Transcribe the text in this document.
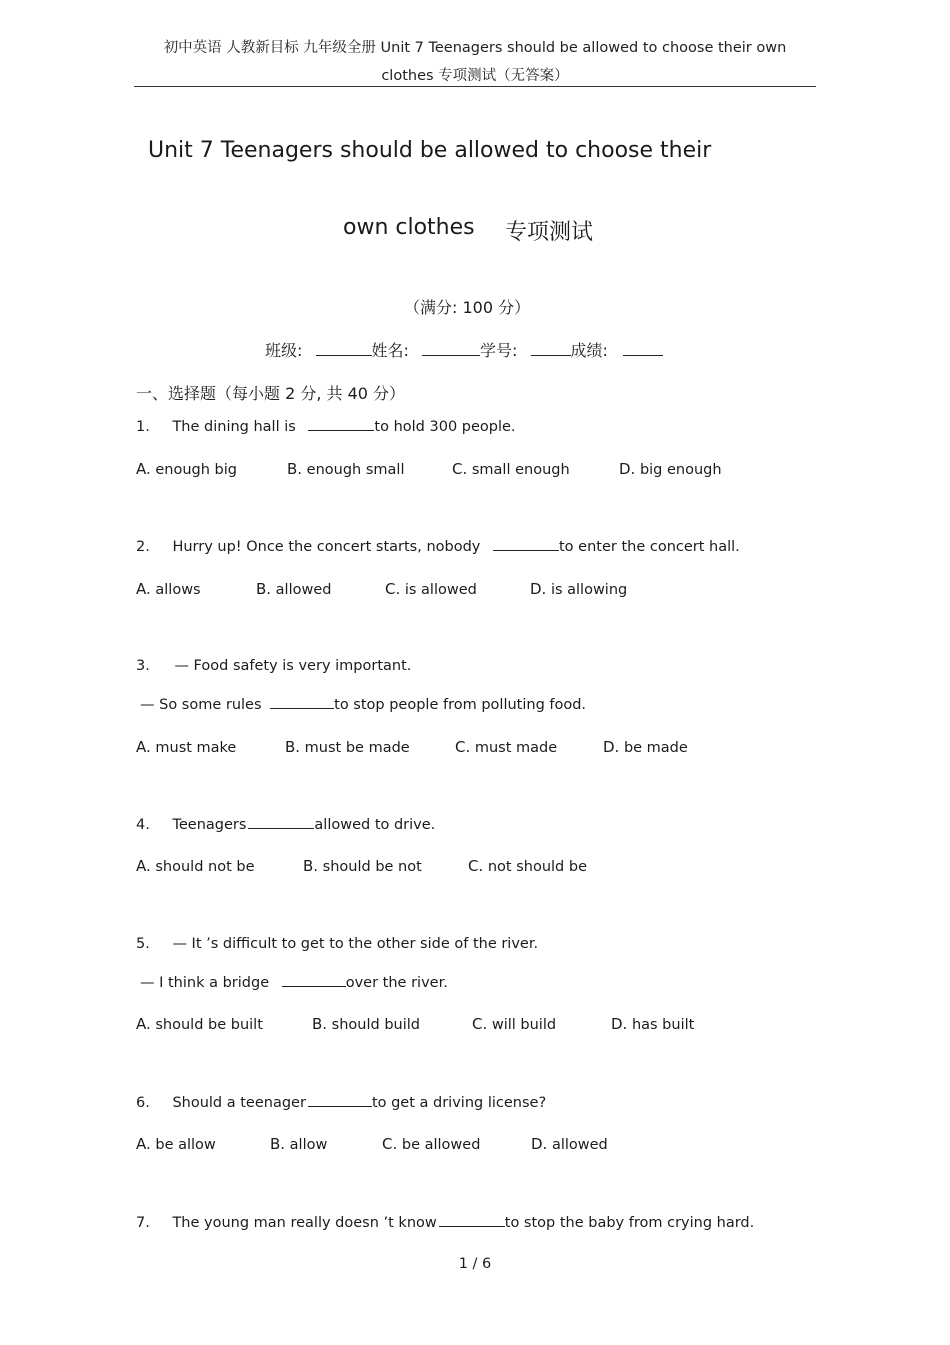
初中英语 人教新目标 九年级全册 Unit 7 Teenagers should be allowed to choose their own
clothes 专项测试（无答案）
Unit 7 Teenagers should be allowed to choose their
own clothes 专项测试
（满分: 100 分）
班级:	姓名:	学号:	成绩:
一、选择题（每小题 2 分, 共 40 分）
1. The dining hall is	to hold 300 people.
A. enough big	B. enough small	C. small enough	D. big enough
2. Hurry up! Once the concert starts, nobody	to enter the concert hall.
A. allows	B. allowed	C. is allowed	D. is allowing
3. — Food safety is very important.
— So some rules	to stop people from polluting food.
A. must make	B. must be made	C. must made	D. be made
4. Teenagers	allowed to drive.
A. should not be	B. should be not	C. not should be
5. — It ’s difficult to get to the other side of the river.
— I think a bridge	over the river.
A. should be built	B. should build	C. will build	D. has built
6. Should a teenager	to get a driving license?
A. be allow	B. allow	C. be allowed	D. allowed
7. The young man really doesn ’t know	to stop the baby from crying hard.
1 / 6
